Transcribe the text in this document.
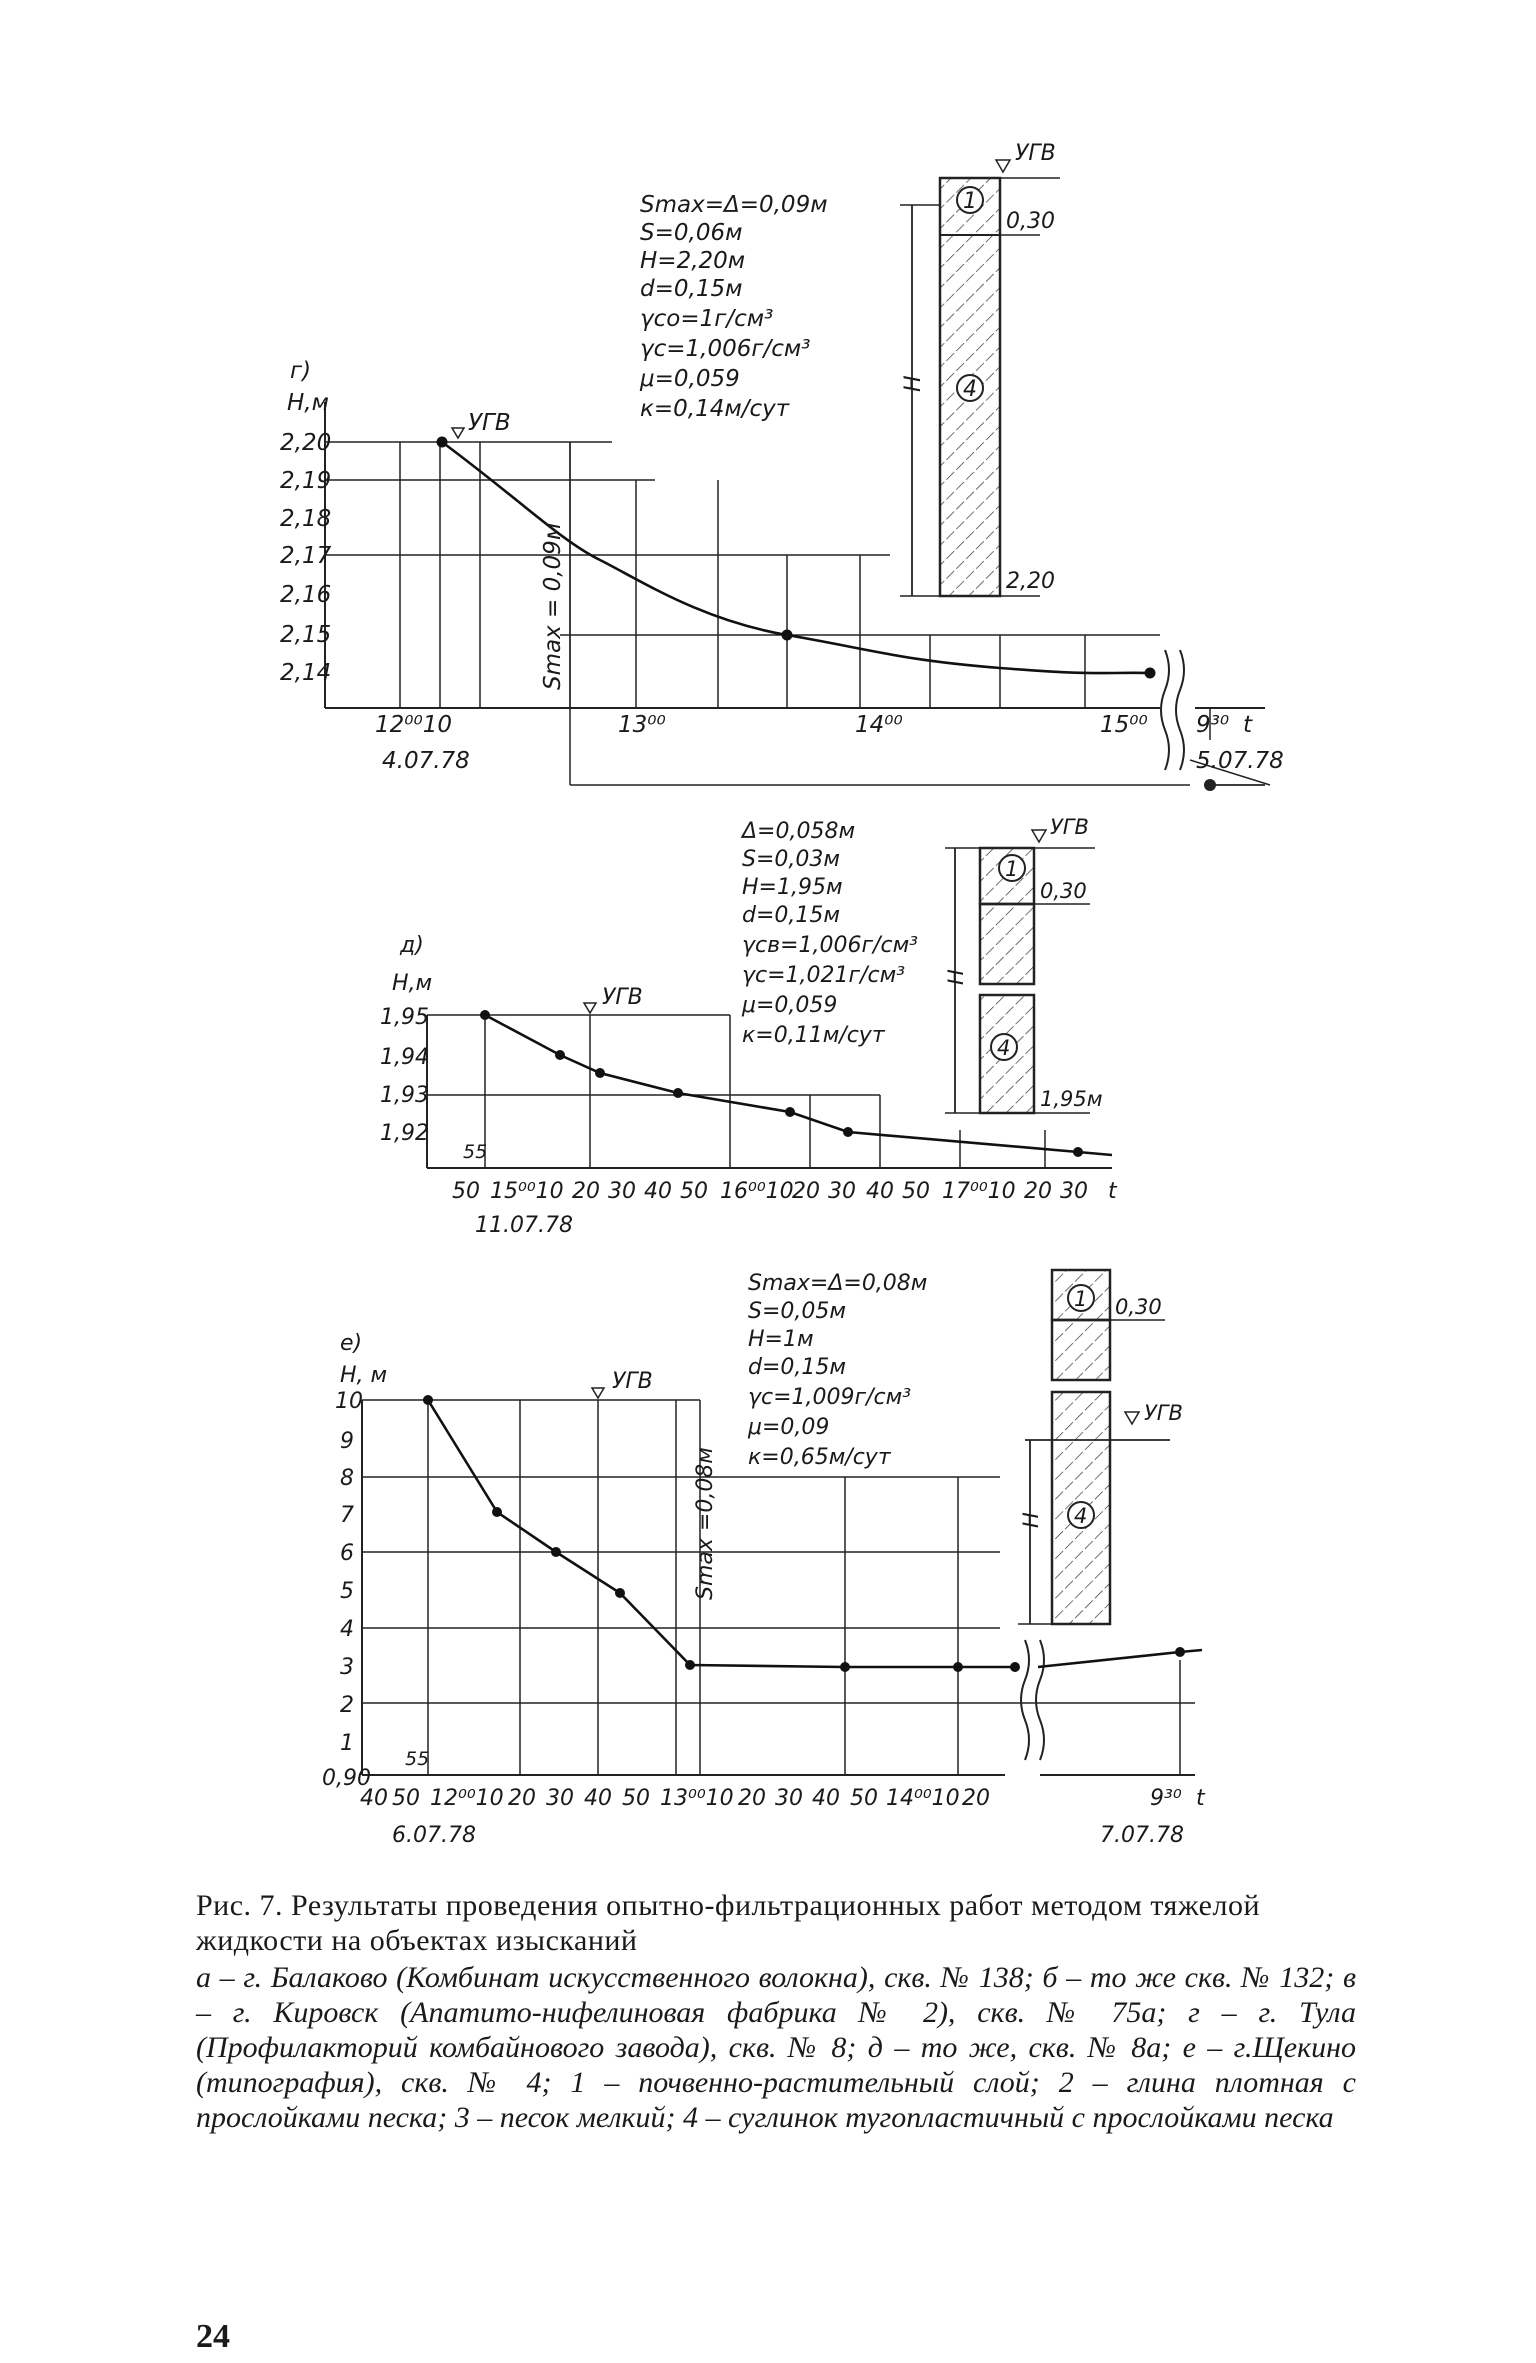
г)
Н,м
2,20
2,19
2,18
2,17
2,16
2,15
2,14
12⁰⁰10	13⁰⁰	14⁰⁰	15⁰⁰ 9³⁰ t
4.07.78	5.07.78
УГВ
Smax = 0,09м
Smax=Δ=0,09м
S=0,06м
H=2,20м
d=0,15м
γco=1г/см³
γc=1,006г/см³
μ=0,059
к=0,14м/сут
УГВ
1
4
0,30
2,20
H
д)
Н,м
1,95
1,94
1,93
1,92
55
50 15⁰⁰10 20 30 40 50 16⁰⁰10
20 30 40 50 17⁰⁰10 20 30 t
11.07.78
УГВ
Δ=0,058м
S=0,03м
H=1,95м
d=0,15м
γсв=1,006г/см³
γc=1,021г/см³
μ=0,059
к=0,11м/сут
УГВ
1
4
0,30
1,95м
H
е)
Н, м
10
9
8
7
6
5
4
3
2
1
0,90
55
40 50 12⁰⁰10 20 30 40 50 13⁰⁰10 20 30 40 50 14⁰⁰10 20	9³⁰ t
6.07.78	7.07.78
УГВ
Smax =0,08м
Smax=Δ=0,08м
S=0,05м
H=1м
d=0,15м
γc=1,009г/см³
μ=0,09
к=0,65м/сут
УГВ
1
4
0,30
H
Рис. 7. Результаты проведения опытно-фильтрационных работ методом тяжелой жидкости на объектах изысканий
а – г. Балаково (Комбинат искусственного волокна), скв. № 138; б – то же скв. № 132; в – г. Кировск (Апатито-нифелиновая фабрика № 2), скв. № 75а; г – г. Тула (Профилакторий комбайнового завода), скв. № 8; д – то же, скв. № 8а; е – г.Щекино (типография), скв. № 4; 1 – почвенно-растительный слой; 2 – глина плотная с прослойками песка; 3 – песок мелкий; 4 – суглинок тугопластичный с прослойками песка
24
